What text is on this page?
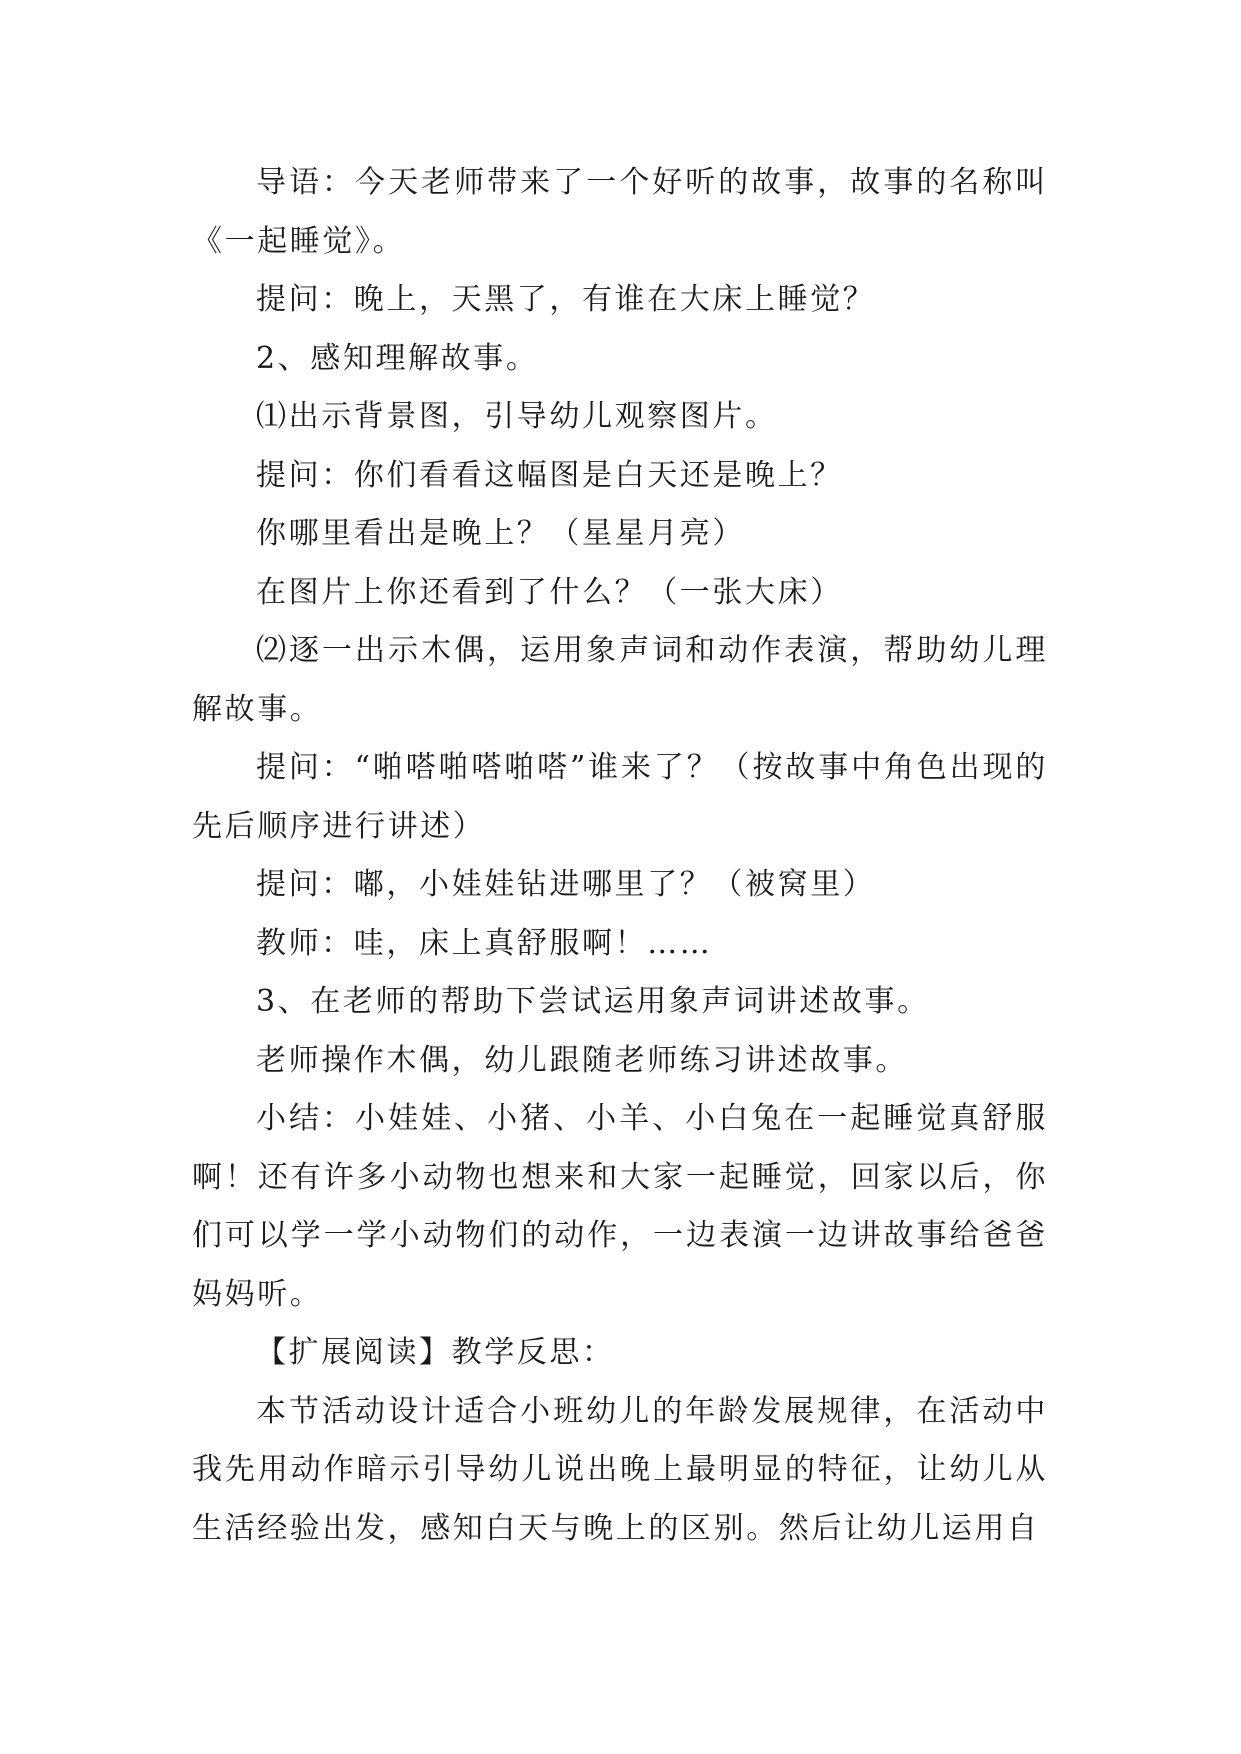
导语：今天老师带来了一个好听的故事，故事的名称叫《一起睡觉》。

提问：晚上，天黑了，有谁在大床上睡觉？

2、感知理解故事。

⑴出示背景图，引导幼儿观察图片。

提问：你们看看这幅图是白天还是晚上？

你哪里看出是晚上？（星星月亮）

在图片上你还看到了什么？（一张大床）

⑵逐一出示木偶，运用象声词和动作表演，帮助幼儿理解故事。

提问：“啪嗒啪嗒啪嗒”谁来了？（按故事中角色出现的先后顺序进行讲述）

提问：嘟，小娃娃钻进哪里了？（被窝里）

教师：哇，床上真舒服啊！……

3、在老师的帮助下尝试运用象声词讲述故事。

老师操作木偶，幼儿跟随老师练习讲述故事。

小结：小娃娃、小猪、小羊、小白兔在一起睡觉真舒服啊！还有许多小动物也想来和大家一起睡觉，回家以后，你们可以学一学小动物们的动作，一边表演一边讲故事给爸爸妈妈听。

【扩展阅读】教学反思：

本节活动设计适合小班幼儿的年龄发展规律，在活动中我先用动作暗示引导幼儿说出晚上最明显的特征，让幼儿从生活经验出发，感知白天与晚上的区别。然后让幼儿运用自
